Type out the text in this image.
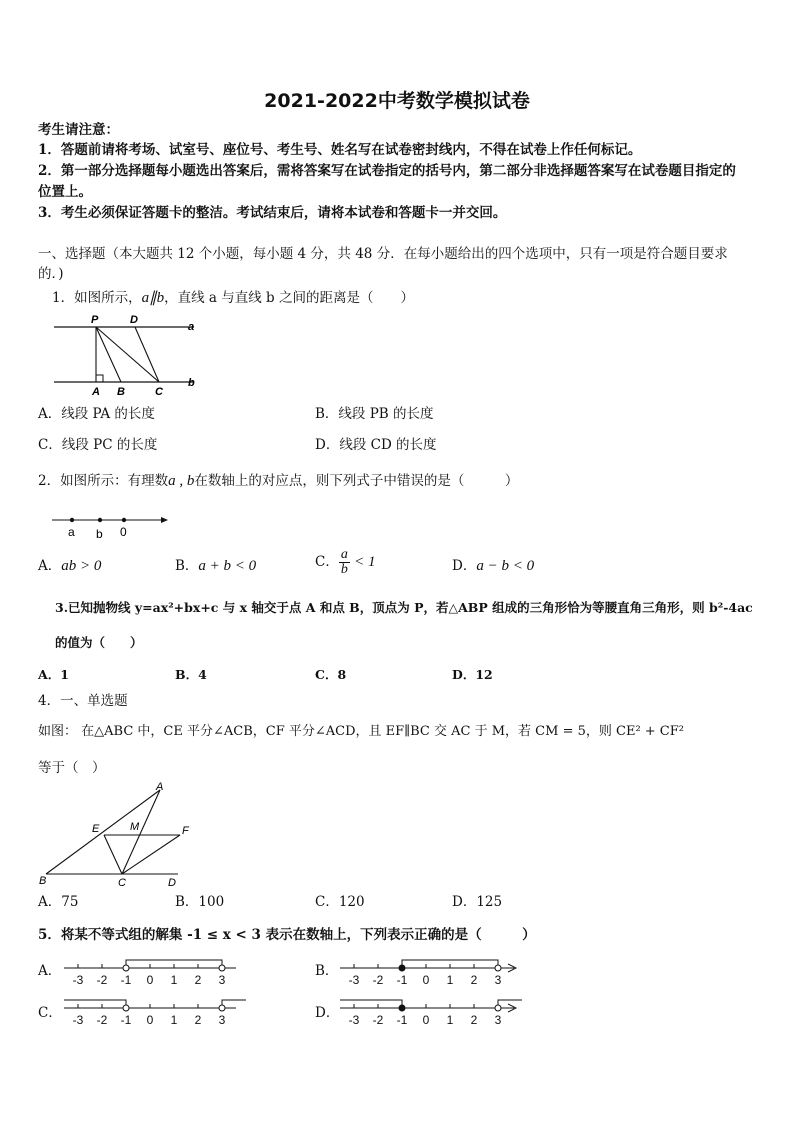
2021-2022中考数学模拟试卷
考生请注意：
1．答题前请将考场、试室号、座位号、考生号、姓名写在试卷密封线内，不得在试卷上作任何标记。
2．第一部分选择题每小题选出答案后，需将答案写在试卷指定的括号内，第二部分非选择题答案写在试卷题目指定的
位置上。
3．考生必须保证答题卡的整洁。考试结束后，请将本试卷和答题卡一并交回。
一、选择题（本大题共 12 个小题，每小题 4 分，共 48 分．在每小题给出的四个选项中，只有一项是符合题目要求
的．)
1．如图所示，a∥b，直线 a 与直线 b 之间的距离是（　　）
P	D
A B	C
a
b
A．线段 PA 的长度	B．线段 PB 的长度
C．线段 PC 的长度	D．线段 CD 的长度
2．如图所示：有理数a , b在数轴上的对应点，则下列式子中错误的是（　　　）
a b 0
A．ab > 0	B．a + b < 0	C． $\frac{a}{b} < 1$	D．a − b < 0
3.已知抛物线 y=ax²+bx+c 与 x 轴交于点 A 和点 B，顶点为 P，若△ABP 组成的三角形恰为等腰直角三角形，则 b²-4ac
的值为（　　）
A．1	B．4	C．8	D．12
4．一、单选题
如图： 在△ABC 中，CE 平分∠ACB，CF 平分∠ACD，且 EF∥BC 交 AC 于 M，若 CM = 5，则 CE² + CF²
等于（　）
A
E	M	F
B	C	D
A．75	B．100	C．120	D．125
5．将某不等式组的解集 -1 ≤ x < 3 表示在数轴上，下列表示正确的是（　　　）
A．	B．
C．	D．
-3 -2 -1 0 1 2 3	-3 -2 -1 0 1 2 3
-3 -2 -1 0 1 2 3	-3 -2 -1 0 1 2 3
